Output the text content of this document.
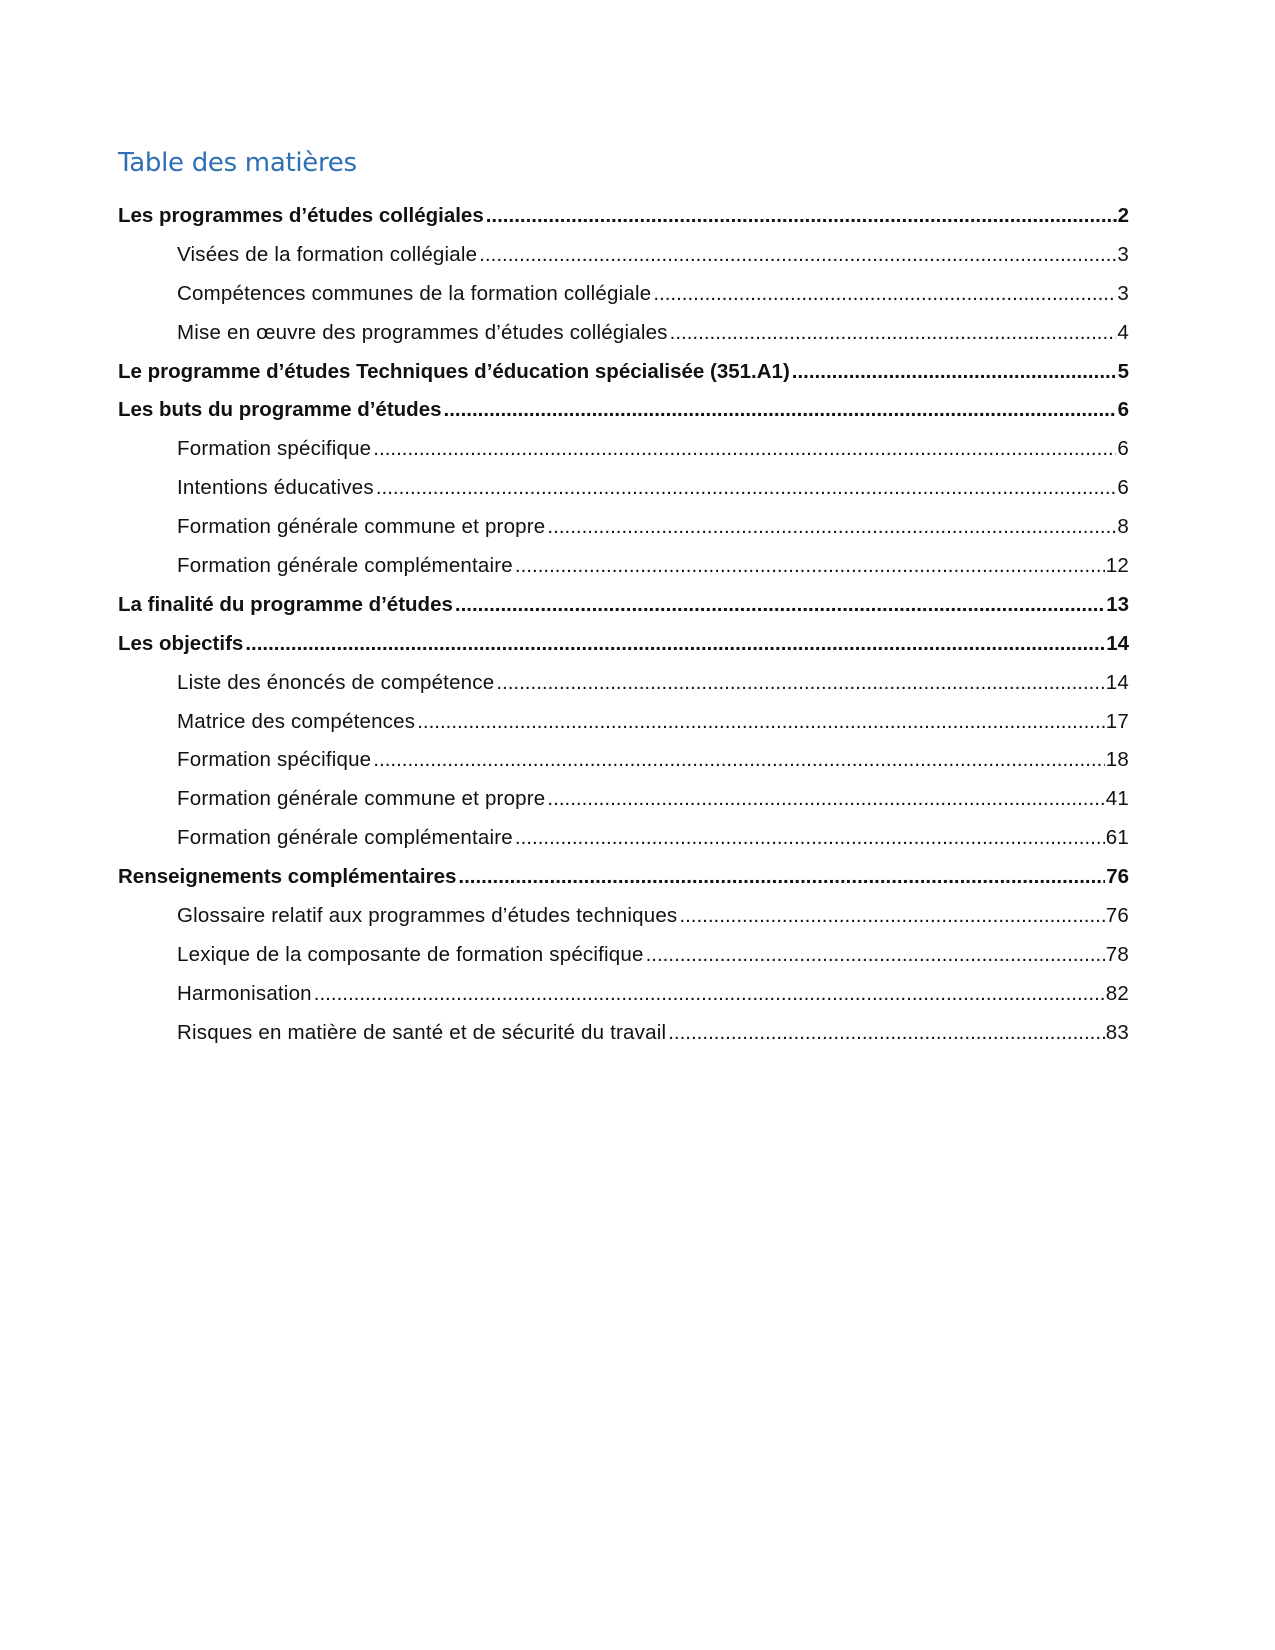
Table des matières
Les programmes d’études collégiales .....	2
Visées de la formation collégiale .....	3
Compétences communes de la formation collégiale .....	3
Mise en œuvre des programmes d’études collégiales .....	4
Le programme d’études Techniques d’éducation spécialisée (351.A1) .....	5
Les buts du programme d’études .....	6
Formation spécifique .....	6
Intentions éducatives .....	6
Formation générale commune et propre .....	8
Formation générale complémentaire .....	12
La finalité du programme d’études .....	13
Les objectifs .....	14
Liste des énoncés de compétence .....	14
Matrice des compétences .....	17
Formation spécifique .....	18
Formation générale commune et propre .....	41
Formation générale complémentaire .....	61
Renseignements complémentaires .....	76
Glossaire relatif aux programmes d’études techniques .....	76
Lexique de la composante de formation spécifique .....	78
Harmonisation .....	82
Risques en matière de santé et de sécurité du travail .....	83
